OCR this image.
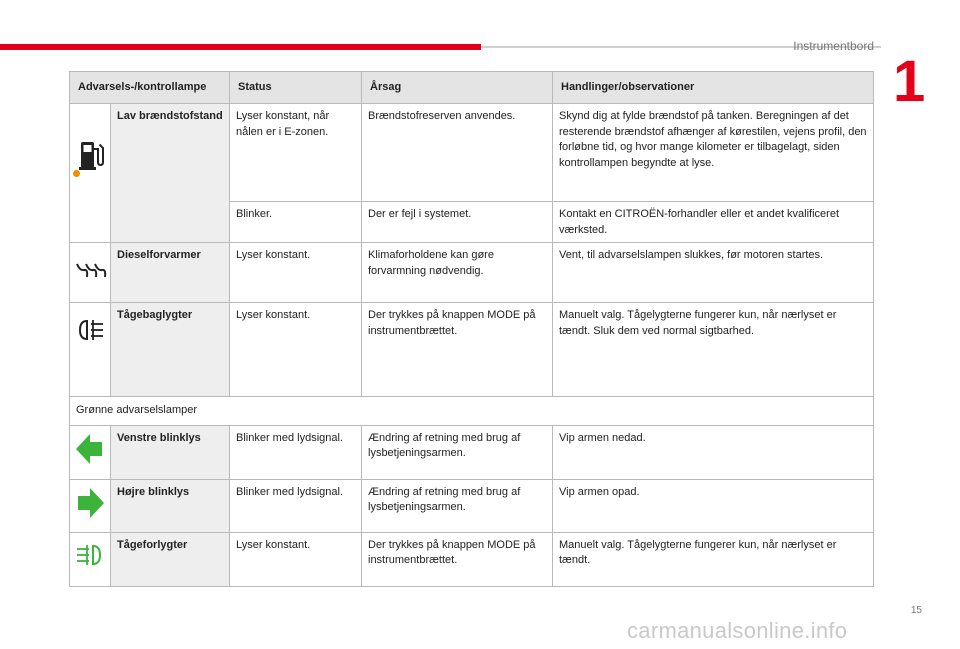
Instrumentbord
1
Advarsels-/kontrollampe		Status	Årsag	Handlinger/observationer

	Lav brændstofstand	Lyser konstant, når nålen er i E-zonen.	Brændstofreserven anvendes.	Skynd dig at fylde brændstof på tanken. Beregningen af det resterende brændstof afhænger af kørestilen, vejens profil, den forløbne tid, og hvor mange kilometer er tilbagelagt, siden kontrollampen begyndte at lyse.
		Blinker.	Der er fejl i systemet.	Kontakt en CITROËN-forhandler eller et andet kvalificeret værksted.
	Dieselforvarmer	Lyser konstant.	Klimaforholdene kan gøre forvarmning nødvendig.	Vent, til advarselslampen slukkes, før motoren startes.
	Tågebaglygter	Lyser konstant.	Der trykkes på knappen MODE på instrumentbrættet.	Manuelt valg. Tågelygterne fungerer kun, når nærlyset er tændt. Sluk dem ved normal sigtbarhed.
Grønne advarselslamper				
	Venstre blinklys	Blinker med lydsignal.	Ændring af retning med brug af lysbetjeningsarmen.	Vip armen nedad.
	Højre blinklys	Blinker med lydsignal.	Ændring af retning med brug af lysbetjeningsarmen.	Vip armen opad.
	Tågeforlygter	Lyser konstant.	Der trykkes på knappen MODE på instrumentbrættet.	Manuelt valg. Tågelygterne fungerer kun, når nærlyset er tændt.
15
carmanualsonline.info
